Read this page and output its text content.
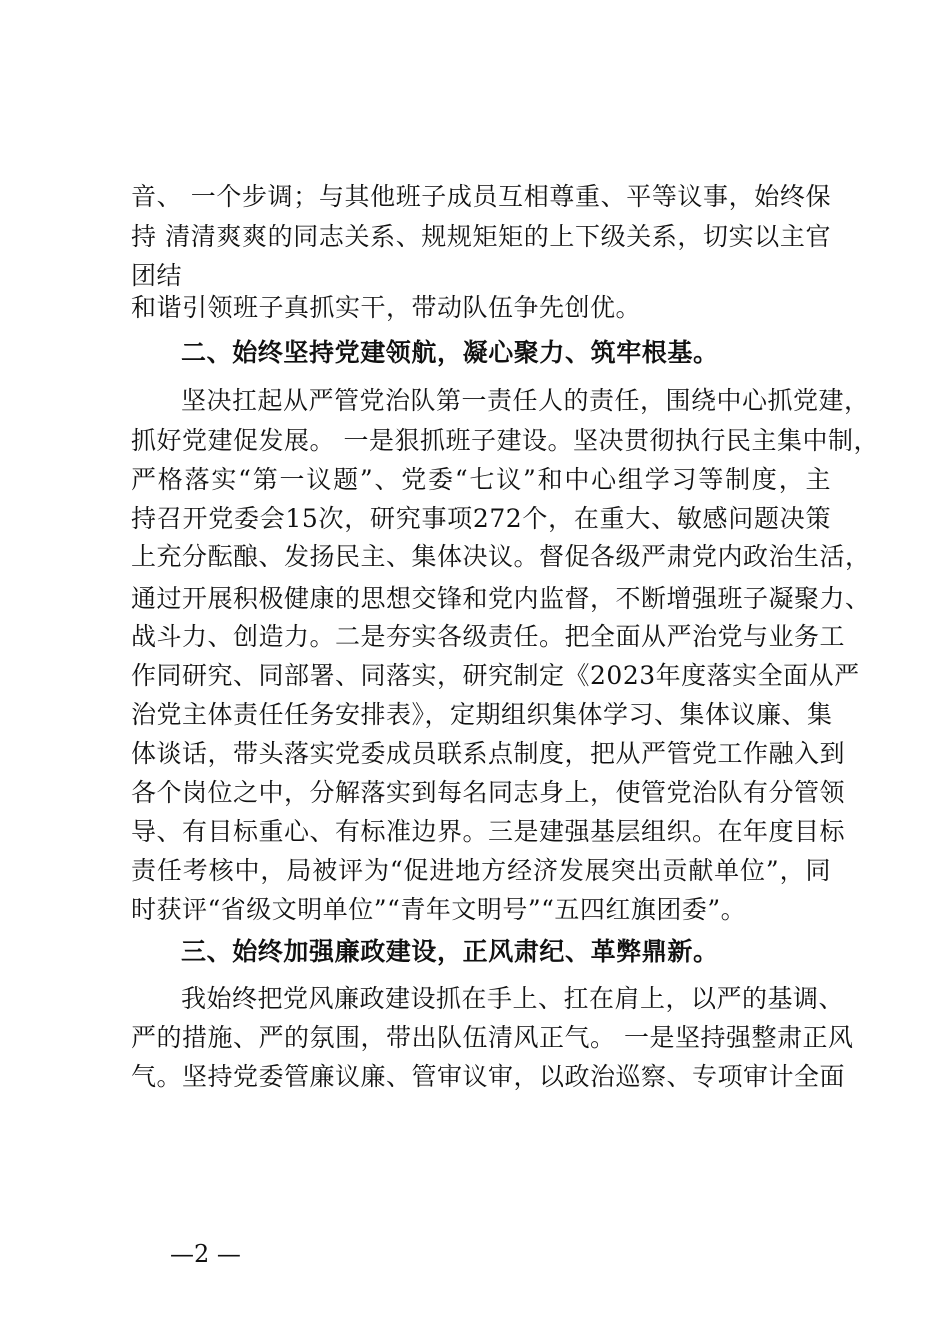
音、 一个步调；与其他班子成员互相尊重、平等议事，始终保
持 清清爽爽的同志关系、规规矩矩的上下级关系，切实以主官
团结
和谐引领班子真抓实干，带动队伍争先创优。
二、始终坚持党建领航，凝心聚力、筑牢根基。
坚决扛起从严管党治队第一责任人的责任，围绕中心抓党建，
抓好党建促发展。 一是狠抓班子建设。坚决贯彻执行民主集中制，
严格落实“第一议题”、党委“七议”和中心组学习等制度，主
持召开党委会15次，研究事项272个，在重大、敏感问题决策
上充分酝酿、发扬民主、集体决议。督促各级严肃党内政治生活，
通过开展积极健康的思想交锋和党内监督，不断增强班子凝聚力、
战斗力、创造力。二是夯实各级责任。把全面从严治党与业务工
作同研究、同部署、同落实，研究制定《2023年度落实全面从严
治党主体责任任务安排表》，定期组织集体学习、集体议廉、集
体谈话，带头落实党委成员联系点制度，把从严管党工作融入到
各个岗位之中，分解落实到每名同志身上，使管党治队有分管领
导、有目标重心、有标准边界。三是建强基层组织。在年度目标
责任考核中，局被评为“促进地方经济发展突出贡献单位”，同
时获评“省级文明单位”“青年文明号”“五四红旗团委”。
三、始终加强廉政建设，正风肃纪、革弊鼎新。
我始终把党风廉政建设抓在手上、扛在肩上，以严的基调、
严的措施、严的氛围，带出队伍清风正气。 一是坚持强整肃正风
气。坚持党委管廉议廉、管审议审，以政治巡察、专项审计全面
—2 —
